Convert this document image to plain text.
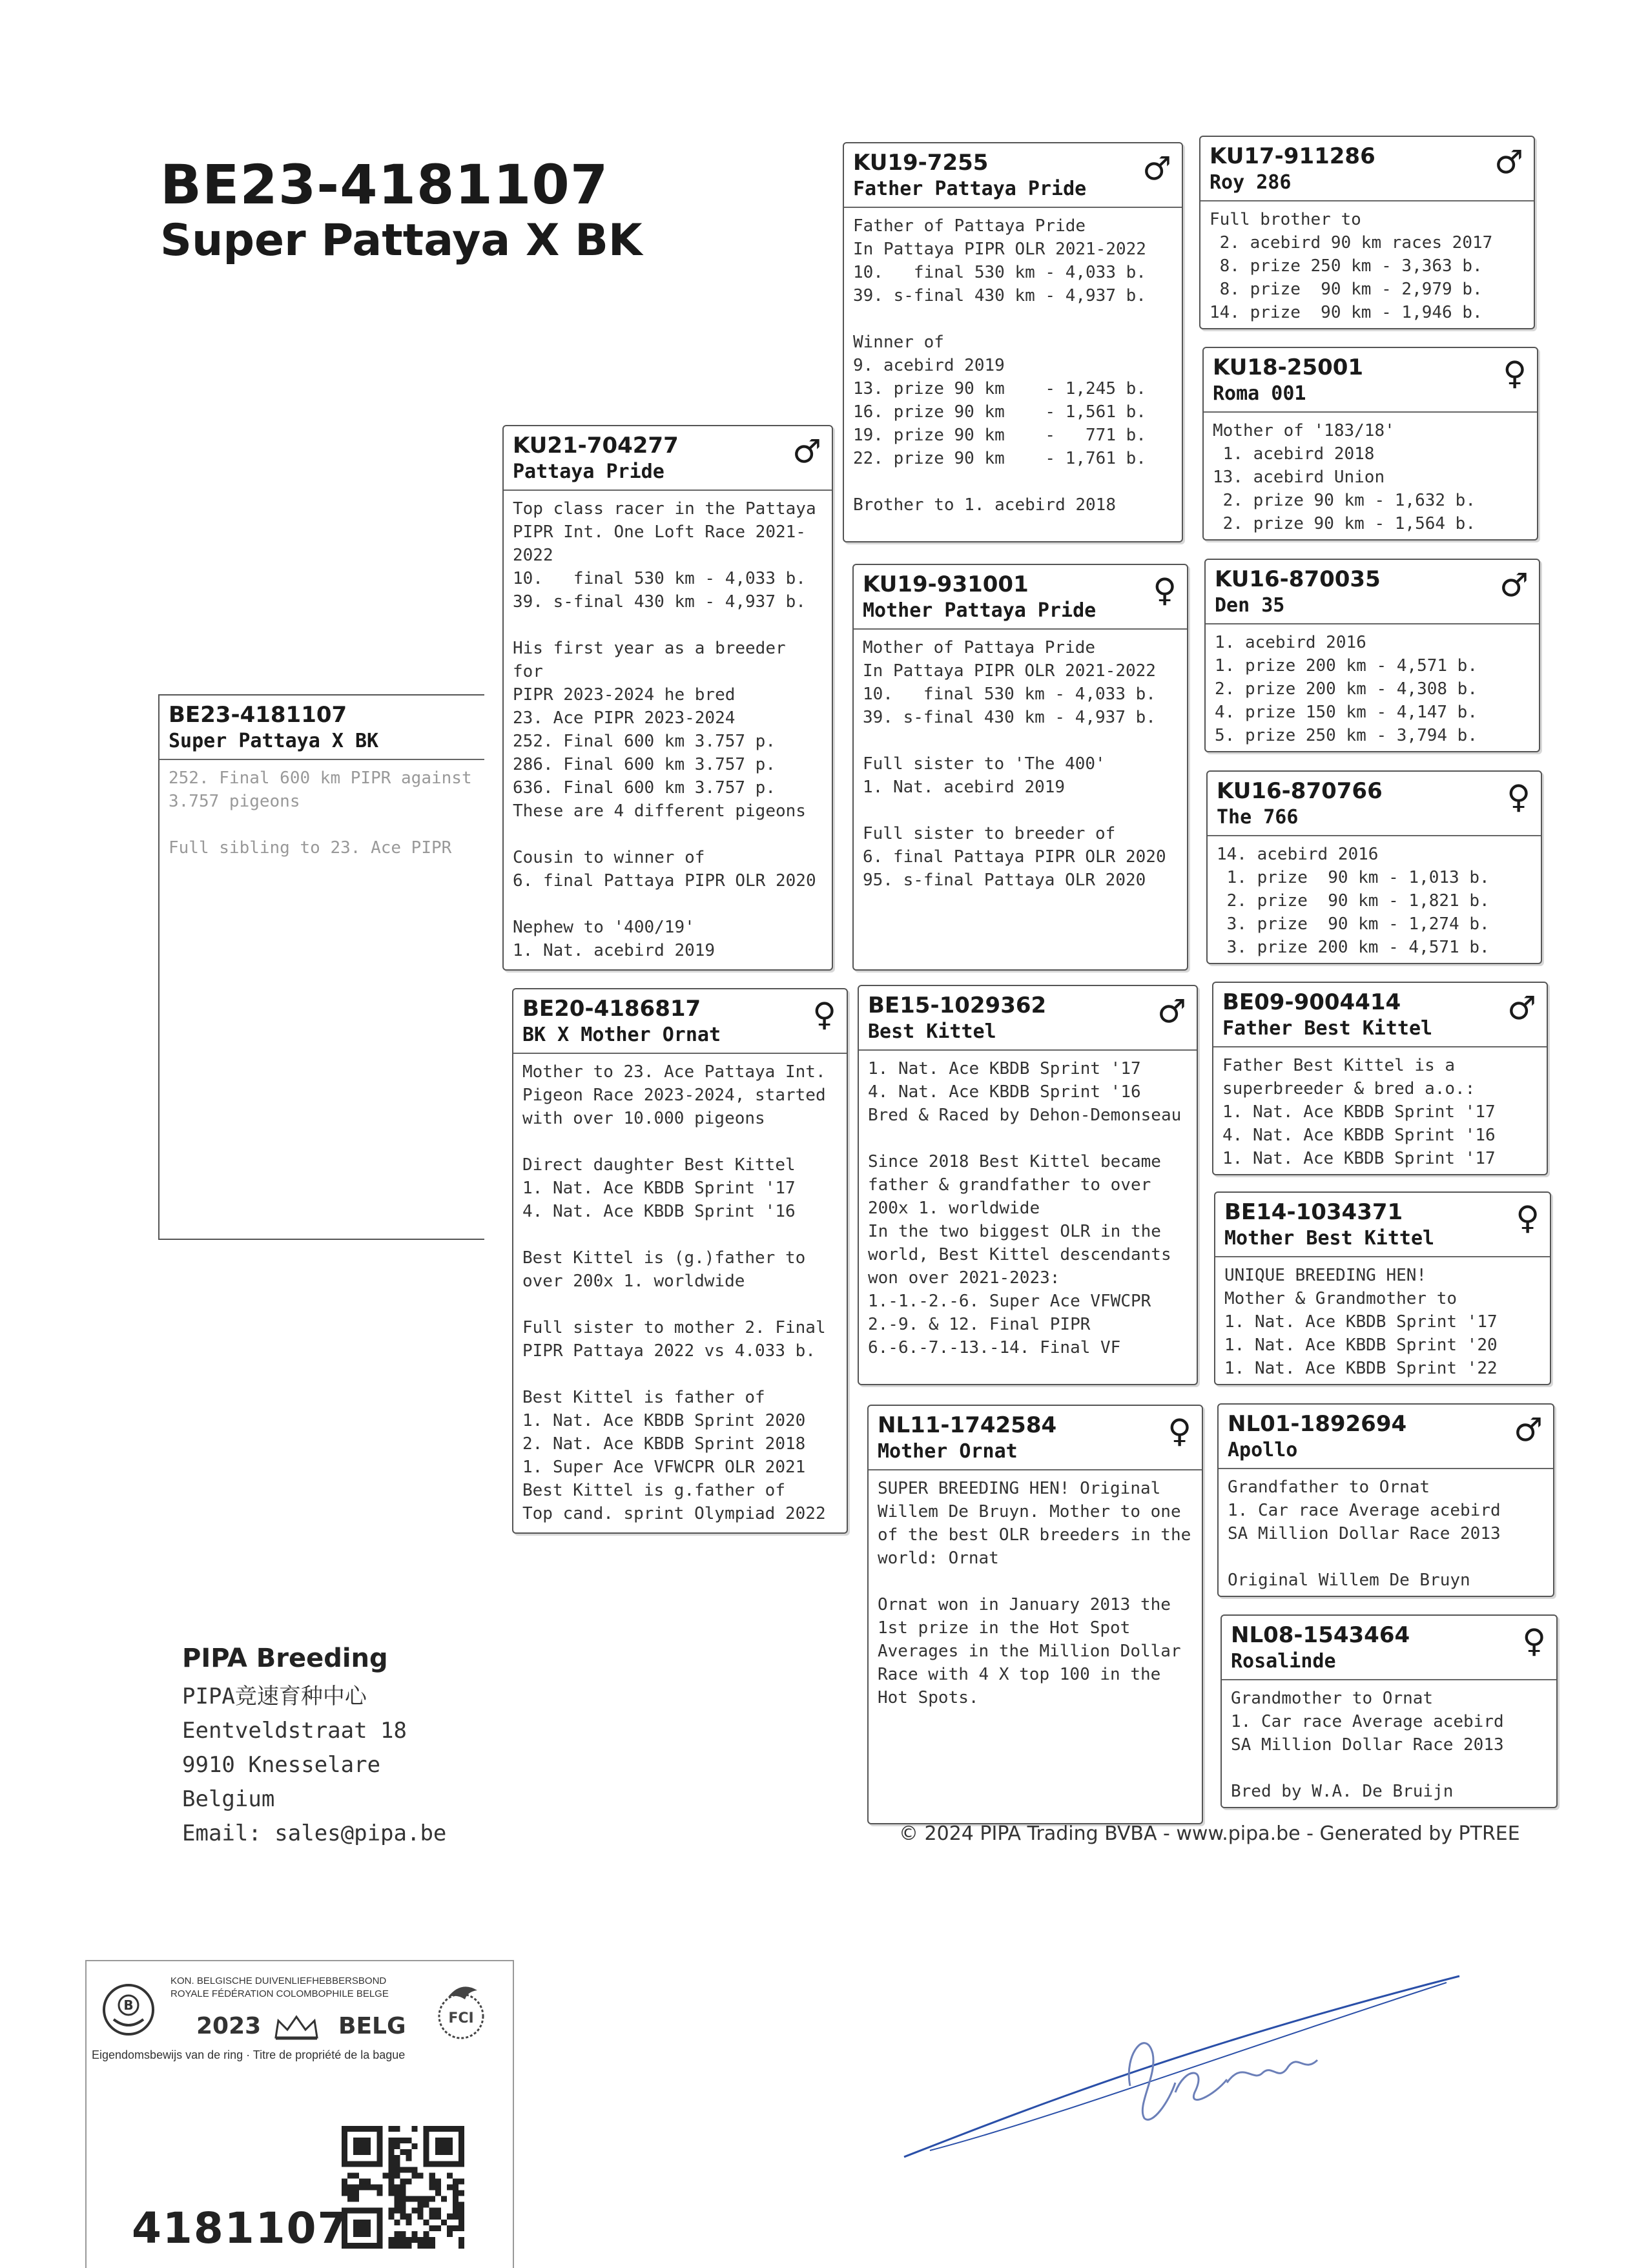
BE23-4181107
Super Pattaya X BK
BE23-4181107
Super Pattaya X BK
252. Final 600 km PIPR against
3.757 pigeons

Full sibling to 23. Ace PIPR
KU21-704277
Pattaya Pride
♂
Top class racer in the Pattaya
PIPR Int. One Loft Race 2021-
2022
10.   final 530 km - 4,033 b.
39. s-final 430 km - 4,937 b.

His first year as a breeder for
PIPR 2023-2024 he bred
23. Ace PIPR 2023-2024
252. Final 600 km 3.757 p.
286. Final 600 km 3.757 p.
636. Final 600 km 3.757 p.
These are 4 different pigeons

Cousin to winner of
6. final Pattaya PIPR OLR 2020

Nephew to '400/19'
1. Nat. acebird 2019
BE20-4186817
BK X Mother Ornat
♀
Mother to 23. Ace Pattaya Int.
Pigeon Race 2023-2024, started
with over 10.000 pigeons

Direct daughter Best Kittel
1. Nat. Ace KBDB Sprint '17
4. Nat. Ace KBDB Sprint '16

Best Kittel is (g.)father to
over 200x 1. worldwide

Full sister to mother 2. Final
PIPR Pattaya 2022 vs 4.033 b.

Best Kittel is father of
1. Nat. Ace KBDB Sprint 2020
2. Nat. Ace KBDB Sprint 2018
1. Super Ace VFWCPR OLR 2021
Best Kittel is g.father of
Top cand. sprint Olympiad 2022
KU19-7255
Father Pattaya Pride
♂
Father of Pattaya Pride
In Pattaya PIPR OLR 2021-2022
10.   final 530 km - 4,033 b.
39. s-final 430 km - 4,937 b.

Winner of
9. acebird 2019
13. prize 90 km    - 1,245 b.
16. prize 90 km    - 1,561 b.
19. prize 90 km    -   771 b.
22. prize 90 km    - 1,761 b.

Brother to 1. acebird 2018
KU19-931001
Mother Pattaya Pride
♀
Mother of Pattaya Pride
In Pattaya PIPR OLR 2021-2022
10.   final 530 km - 4,033 b.
39. s-final 430 km - 4,937 b.

Full sister to 'The 400'
1. Nat. acebird 2019

Full sister to breeder of
6. final Pattaya PIPR OLR 2020
95. s-final Pattaya OLR 2020
BE15-1029362
Best Kittel
♂
1. Nat. Ace KBDB Sprint '17
4. Nat. Ace KBDB Sprint '16
Bred & Raced by Dehon-Demonseau

Since 2018 Best Kittel became
father & grandfather to over
200x 1. worldwide
In the two biggest OLR in the
world, Best Kittel descendants
won over 2021-2023:
1.-1.-2.-6. Super Ace VFWCPR
2.-9. & 12. Final PIPR
6.-6.-7.-13.-14. Final VF
NL11-1742584
Mother Ornat
♀
SUPER BREEDING HEN! Original
Willem De Bruyn. Mother to one
of the best OLR breeders in the
world: Ornat

Ornat won in January 2013 the
1st prize in the Hot Spot
Averages in the Million Dollar
Race with 4 X top 100 in the
Hot Spots.
KU17-911286
Roy 286
♂
Full brother to
2. acebird 90 km races 2017
8. prize 250 km - 3,363 b.
8. prize  90 km - 2,979 b.
14. prize  90 km - 1,946 b.
KU18-25001
Roma 001
♀
Mother of '183/18'
1. acebird 2018
13. acebird Union
2. prize 90 km - 1,632 b.
2. prize 90 km - 1,564 b.
KU16-870035
Den 35
♂
1. acebird 2016
1. prize 200 km - 4,571 b.
2. prize 200 km - 4,308 b.
4. prize 150 km - 4,147 b.
5. prize 250 km - 3,794 b.
KU16-870766
The 766
♀
14. acebird 2016
1. prize  90 km - 1,013 b.
2. prize  90 km - 1,821 b.
3. prize  90 km - 1,274 b.
3. prize 200 km - 4,571 b.
BE09-9004414
Father Best Kittel
♂
Father Best Kittel is a
superbreeder & bred a.o.:
1. Nat. Ace KBDB Sprint '17
4. Nat. Ace KBDB Sprint '16
1. Nat. Ace KBDB Sprint '17
BE14-1034371
Mother Best Kittel
♀
UNIQUE BREEDING HEN!
Mother & Grandmother to
1. Nat. Ace KBDB Sprint '17
1. Nat. Ace KBDB Sprint '20
1. Nat. Ace KBDB Sprint '22
NL01-1892694
Apollo
♂
Grandfather to Ornat
1. Car race Average acebird
SA Million Dollar Race 2013

Original Willem De Bruyn
NL08-1543464
Rosalinde
♀
Grandmother to Ornat
1. Car race Average acebird
SA Million Dollar Race 2013

Bred by W.A. De Bruijn
PIPA Breeding
PIPA竞速育种中心
Eentveldstraat 18
9910 Knesselare
Belgium
Email: sales@pipa.be	© 2024 PIPA Trading BVBA - www.pipa.be - Generated by PTREE
B
KON. BELGISCHE DUIVENLIEFHEBBERSBOND
ROYALE FÉDÉRATION COLOMBOPHILE BELGE
2023	BELG	FCI
Eigendomsbewijs van de ring · Titre de propriété de la bague
4181107
